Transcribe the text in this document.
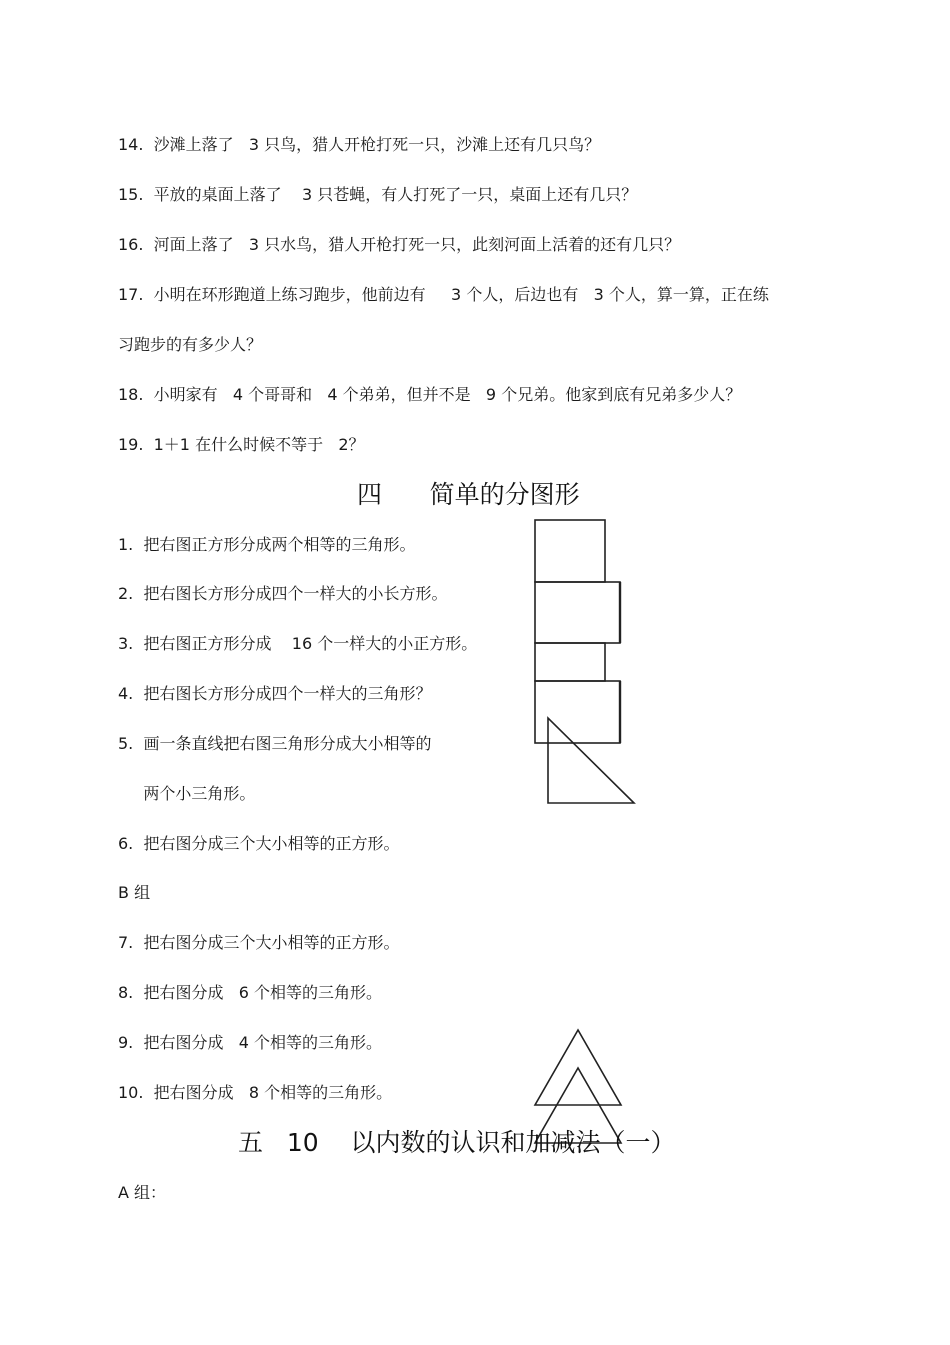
14.  沙滩上落了   3 只鸟，猎人开枪打死一只，沙滩上还有几只鸟？
15.  平放的桌面上落了    3 只苍蝇，有人打死了一只，桌面上还有几只？
16.  河面上落了   3 只水鸟，猎人开枪打死一只，此刻河面上活着的还有几只？
17.  小明在环形跑道上练习跑步，他前边有     3 个人，后边也有   3 个人，算一算，正在练
习跑步的有多少人？
18.  小明家有   4 个哥哥和   4 个弟弟，但并不是   9 个兄弟。他家到底有兄弟多少人？
19.  1＋1 在什么时候不等于   2？
四      简单的分图形
1.  把右图正方形分成两个相等的三角形。
2.  把右图长方形分成四个一样大的小长方形。
3.  把右图正方形分成    16 个一样大的小正方形。
4.  把右图长方形分成四个一样大的三角形？
5.  画一条直线把右图三角形分成大小相等的
两个小三角形。
6.  把右图分成三个大小相等的正方形。
B 组
7.  把右图分成三个大小相等的正方形。
8.  把右图分成   6 个相等的三角形。
9.  把右图分成   4 个相等的三角形。
10.  把右图分成   8 个相等的三角形。
五   10    以内数的认识和加减法（一）
A 组：
